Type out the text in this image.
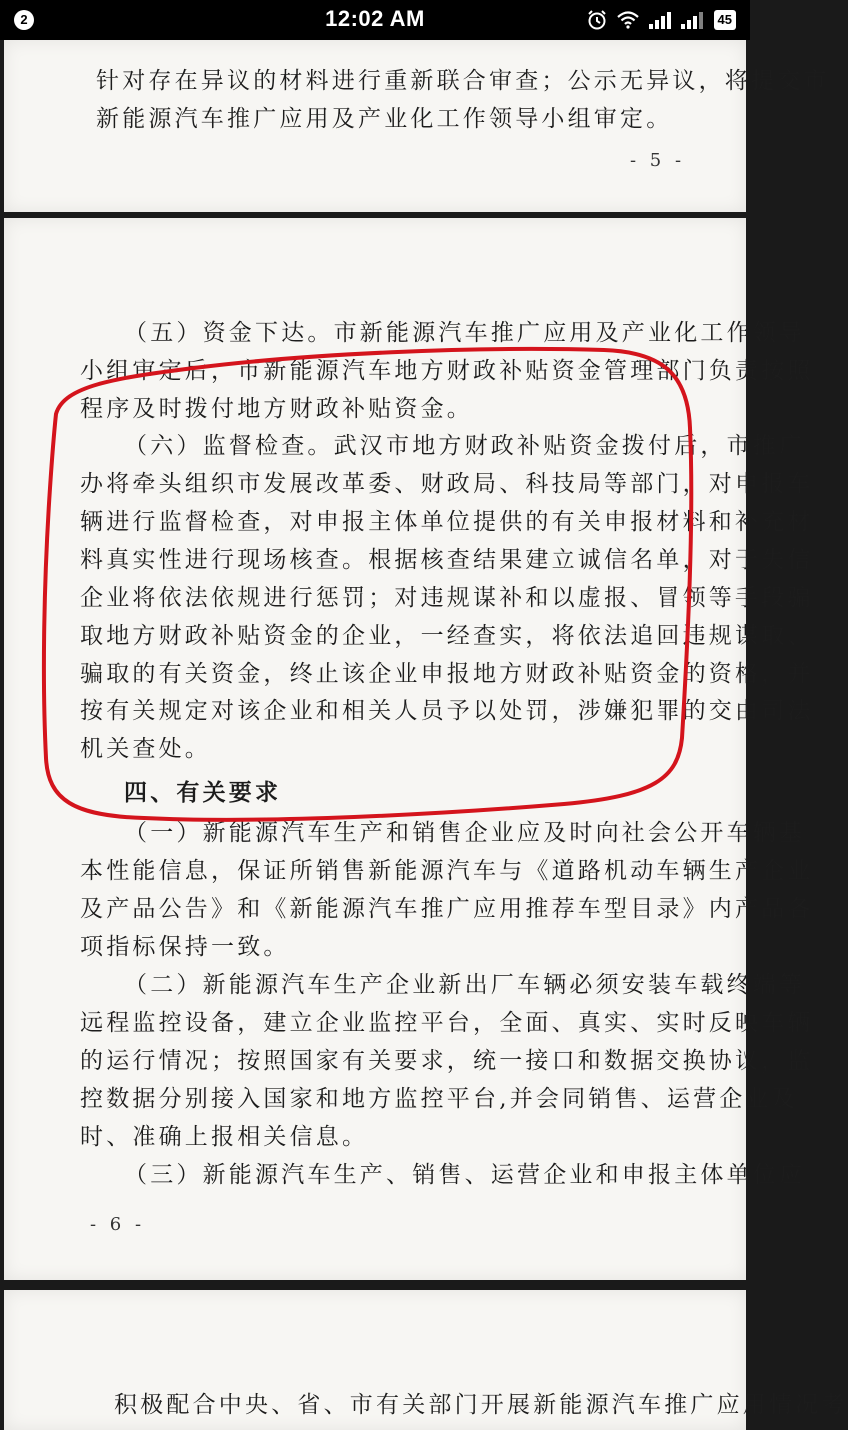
2	12:02 AM	45
针对存在异议的材料进行重新联合审查；公示无异议，将提交市
新能源汽车推广应用及产业化工作领导小组审定。
- 5 -
（五）资金下达。市新能源汽车推广应用及产业化工作领导
小组审定后，市新能源汽车地方财政补贴资金管理部门负责按照
程序及时拨付地方财政补贴资金。
（六）监督检查。武汉市地方财政补贴资金拨付后，市推广
办将牵头组织市发展改革委、财政局、科技局等部门，对申报车
辆进行监督检查，对申报主体单位提供的有关申报材料和补充材
料真实性进行现场核查。根据核查结果建立诚信名单，对于失信
企业将依法依规进行惩罚；对违规谋补和以虚报、冒领等手段骗
取地方财政补贴资金的企业，一经查实，将依法追回违规谋取、
骗取的有关资金，终止该企业申报地方财政补贴资金的资格，并
按有关规定对该企业和相关人员予以处罚，涉嫌犯罪的交由司法
机关查处。
四、有关要求
（一）新能源汽车生产和销售企业应及时向社会公开车辆基
本性能信息，保证所销售新能源汽车与《道路机动车辆生产企业
及产品公告》和《新能源汽车推广应用推荐车型目录》内产品各
项指标保持一致。
（二）新能源汽车生产企业新出厂车辆必须安装车载终端等
远程监控设备，建立企业监控平台，全面、真实、实时反映车辆
的运行情况；按照国家有关要求，统一接口和数据交换协议，监
控数据分别接入国家和地方监控平台,并会同销售、运营企业及
时、准确上报相关信息。
（三）新能源汽车生产、销售、运营企业和申报主体单位应
- 6 -
积极配合中央、省、市有关部门开展新能源汽车推广应用情况考
